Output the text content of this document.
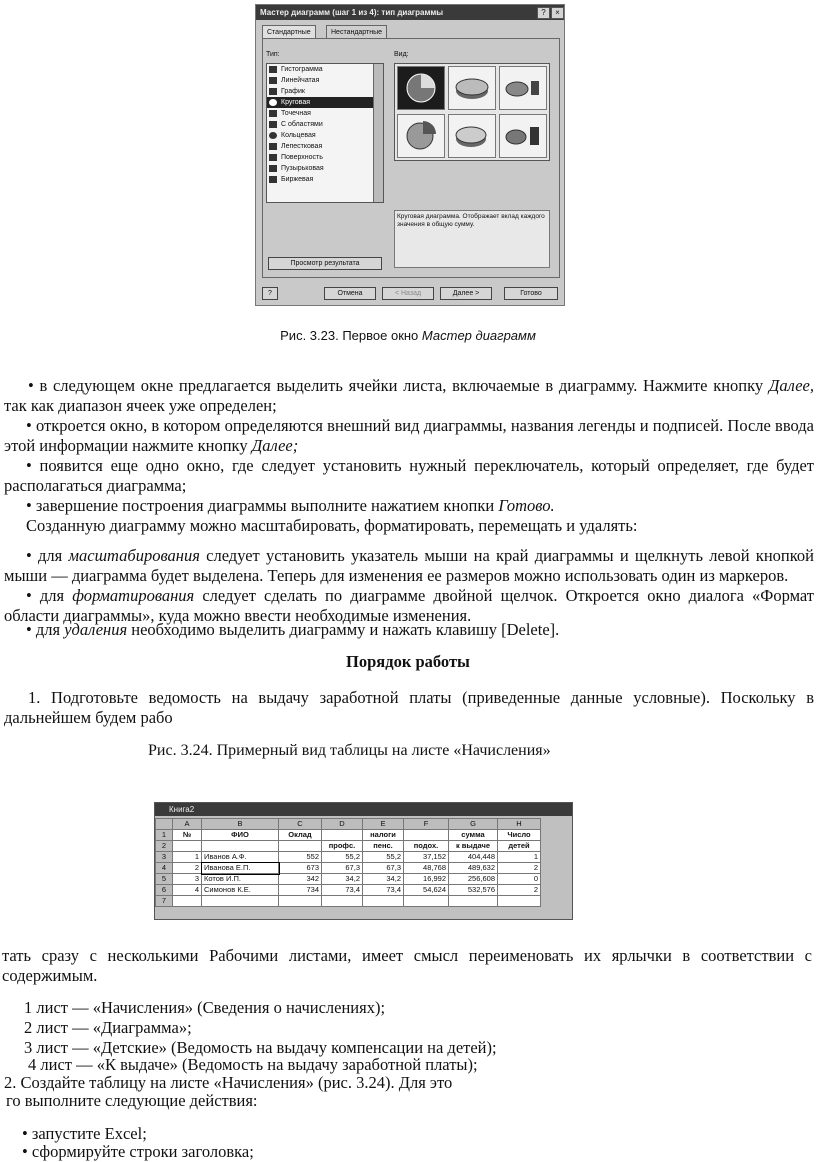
Мастер диаграмм (шаг 1 из 4): тип диаграммы	?	×
Стандартные	Нестандартные
Тип:	Вид:
Гистограмма
Линейчатая
График
Круговая
Точечная
С областями
Кольцевая
Лепестковая
Поверхность
Пузырьковая
Биржевая
Круговая диаграмма. Отображает вклад каждого значения в общую сумму.
Просмотр результата
?	Отмена	< Назад	Далее >	Готово
Рис. 3.23. Первое окно Мастер диаграмм
• в следующем окне предлагается выделить ячейки листа, включаемые в диаграмму. Нажмите кнопку Далее, так как диапазон ячеек уже определен;
• откроется окно, в котором определяются внешний вид диаграммы, названия легенды и подписей. После ввода этой информации нажмите кнопку Далее;
• появится еще одно окно, где следует установить нужный переключатель, который определяет, где будет располагаться диаграмма;
• завершение построения диаграммы выполните нажатием кнопки Готово.
Созданную диаграмму можно масштабировать, форматировать, перемещать и удалять:
• для масштабирования следует установить указатель мыши на край диаграммы и щелкнуть левой кнопкой мыши — диаграмма будет выделена. Теперь для изменения ее размеров можно использовать один из маркеров.
• для форматирования следует сделать по диаграмме двойной щелчок. Откроется окно диалога «Формат области диаграммы», куда можно ввести необходимые изменения.
• для удаления необходимо выделить диаграмму и нажать клавишу [Delete].
Порядок работы
1. Подготовьте ведомость на выдачу заработной платы (приведенные данные условные). Поскольку в дальнейшем будем рабо
Рис. 3.24. Примерный вид таблицы на листе «Начисления»
Книга2
	A	B	C	D	E	F	G	H
1	№	ФИО	Оклад		налоги		сумма	Число
2				профс.	пенс.	подох.	к выдаче	детей
3	1	Иванов А.Ф.	552	55,2	55,2	37,152	404,448	1
4	2	Иванова Е.П.	673	67,3	67,3	48,768	489,632	2
5	3	Котов И.П.	342	34,2	34,2	16,992	256,608	0
6	4	Симонов К.Е.	734	73,4	73,4	54,624	532,576	2
7								
тать сразу с несколькими Рабочими листами, имеет смысл переименовать их ярлычки в соответствии с содержимым.
1 лист — «Начисления» (Сведения о начислениях);
2 лист — «Диаграмма»;
3 лист — «Детские» (Ведомость на выдачу компенсации на детей);
4 лист — «К выдаче» (Ведомость на выдачу заработной платы);
2. Создайте таблицу на листе «Начисления» (рис. 3.24). Для это
го выполните следующие действия:
• запустите Excel;
• сформируйте строки заголовка;
